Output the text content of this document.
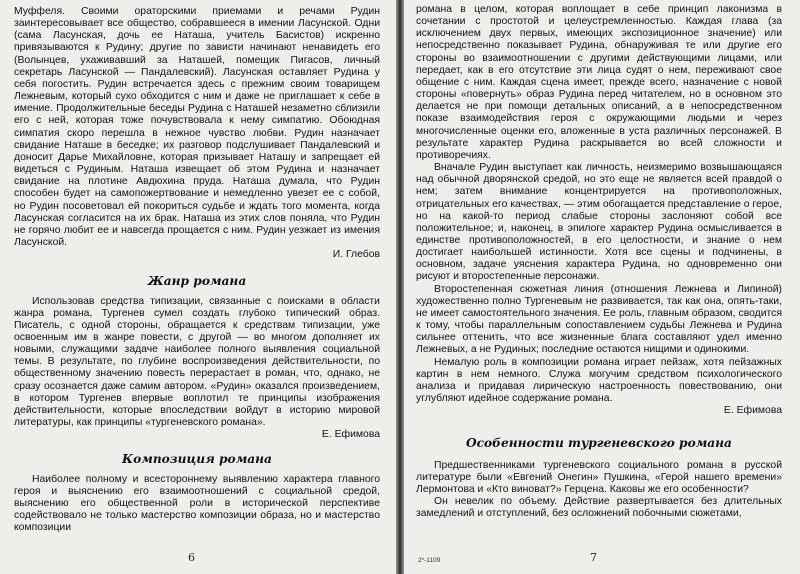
Муффеля. Своими ораторскими приемами и речами Рудин заинтересовывает все общество, собравшееся в имении Ласунской. Одни (сама Ласунская, дочь ее Наташа, учитель Басистов) искренно привязываются к Рудину; другие по зависти начинают ненавидеть его (Волынцев, ухаживавший за Наташей, помещик Пигасов, личный секретарь Ласунской — Пандалевский). Ласунская оставляет Рудина у себя погостить. Рудин встречается здесь с прежним своим товарищем Лежневым, который сухо обходится с ним и даже не приглашает к себе в имение. Продолжительные беседы Рудина с Наташей незаметно сблизили его с ней, которая тоже почувствовала к нему симпатию. Обоюдная симпатия скоро перешла в нежное чувство любви. Рудин назначает свидание Наташе в беседке; их разговор подслушивает Пандалевский и доносит Дарье Михайловне, которая призывает Наташу и запрещает ей видеться с Рудиным. Наташа извещает об этом Рудина и назначает свидание на плотине Авдюхина пруда. Наташа думала, что Рудин способен будет на самопожертвование и немедленно увезет ее с собой, но Рудин посоветовал ей покориться судьбе и ждать того момента, когда Ласунская согласится на их брак. Наташа из этих слов поняла, что Рудин не горячо любит ее и навсегда прощается с ним. Рудин уезжает из имения Ласунской.

И. Глебов
Жанр романа

Использовав средства типизации, связанные с поисками в области жанра романа, Тургенев сумел создать глубоко типический образ. Писатель, с одной стороны, обращается к средствам типизации, уже освоенным им в жанре повести, с другой — во многом дополняет их новыми, служащими задаче наиболее полного выявления социальной темы. В результате, по глубине воспроизведения действительности, по общественному значению повесть перерастает в роман, что, однако, не сразу осознается даже самим автором. «Рудин» оказался произведением, в котором Тургенев впервые воплотил те принципы изображения действительности, которые впоследствии войдут в историю мировой литературы, как принципы «тургеневского романа».

Е. Ефимова
Композиция романа

Наиболее полному и всестороннему выявлению характера главного героя и выяснению его взаимоотношений с социальной средой, выяснению его общественной роли в исторической перспективе содействовало не только мастерство композиции образа, но и мастерство композиции

6

романа в целом, которая воплощает в себе принцип лаконизма в сочетании с простотой и целеустремленностью. Каждая глава (за исключением двух первых, имеющих экспозиционное значение) или непосредственно показывает Рудина, обнаруживая те или другие его стороны во взаимоотношении с другими действующими лицами, или передает, как в его отсутствие эти лица судят о нем, переживают свое общение с ним. Каждая сцена имеет, прежде всего, назначение с новой стороны «повернуть» образ Рудина перед читателем, но в основном это делается не при помощи детальных описаний, а в непосредственном показе взаимодействия героя с окружающими людьми и через многочисленные оценки его, вложенные в уста различных персонажей. В результате характер Рудина раскрывается во всей сложности и противоречиях.

Вначале Рудин выступает как личность, неизмеримо возвышающаяся над обычной дворянской средой, но это еще не является всей правдой о нем; затем внимание концентрируется на противоположных, отрицательных его качествах, — этим обогащается представление о герое, но на какой-то период слабые стороны заслоняют собой все положительное; и, наконец, в эпилоге характер Рудина осмысливается в единстве противоположностей, в его целостности, и знание о нем достигает наибольшей истинности. Хотя все сцены и подчинены, в основном, задаче уяснения характера Рудина, но одновременно они рисуют и второстепенные персонажи.

Второстепенная сюжетная линия (отношения Лежнева и Липиной) художественно полно Тургеневым не развивается, так как она, опять-таки, не имеет самостоятельного значения. Ее роль, главным образом, сводится к тому, чтобы параллельным сопоставлением судьбы Лежнева и Рудина сильнее оттенить, что все жизненные блага составляют удел именно Лежневых, а не Рудиных; последние остаются нищими и одинокими.

Немалую роль в композиции романа играет пейзаж, хотя пейзажных картин в нем немного. Служа могучим средством психологического анализа и придавая лирическую настроенность повествованию, они углубляют идейное содержание романа.

Е. Ефимова
Особенности тургеневского романа

Предшественниками тургеневского социального романа в русской литературе были «Евгений Онегин» Пушкина, «Герой нашего времени» Лермонтова и «Кто виноват?» Герцена. Каковы же его особенности?

Он невелик по объему. Действие развертывается без длительных замедлений и отступлений, без осложнений побочными сюжетами,

2*-1109	7
